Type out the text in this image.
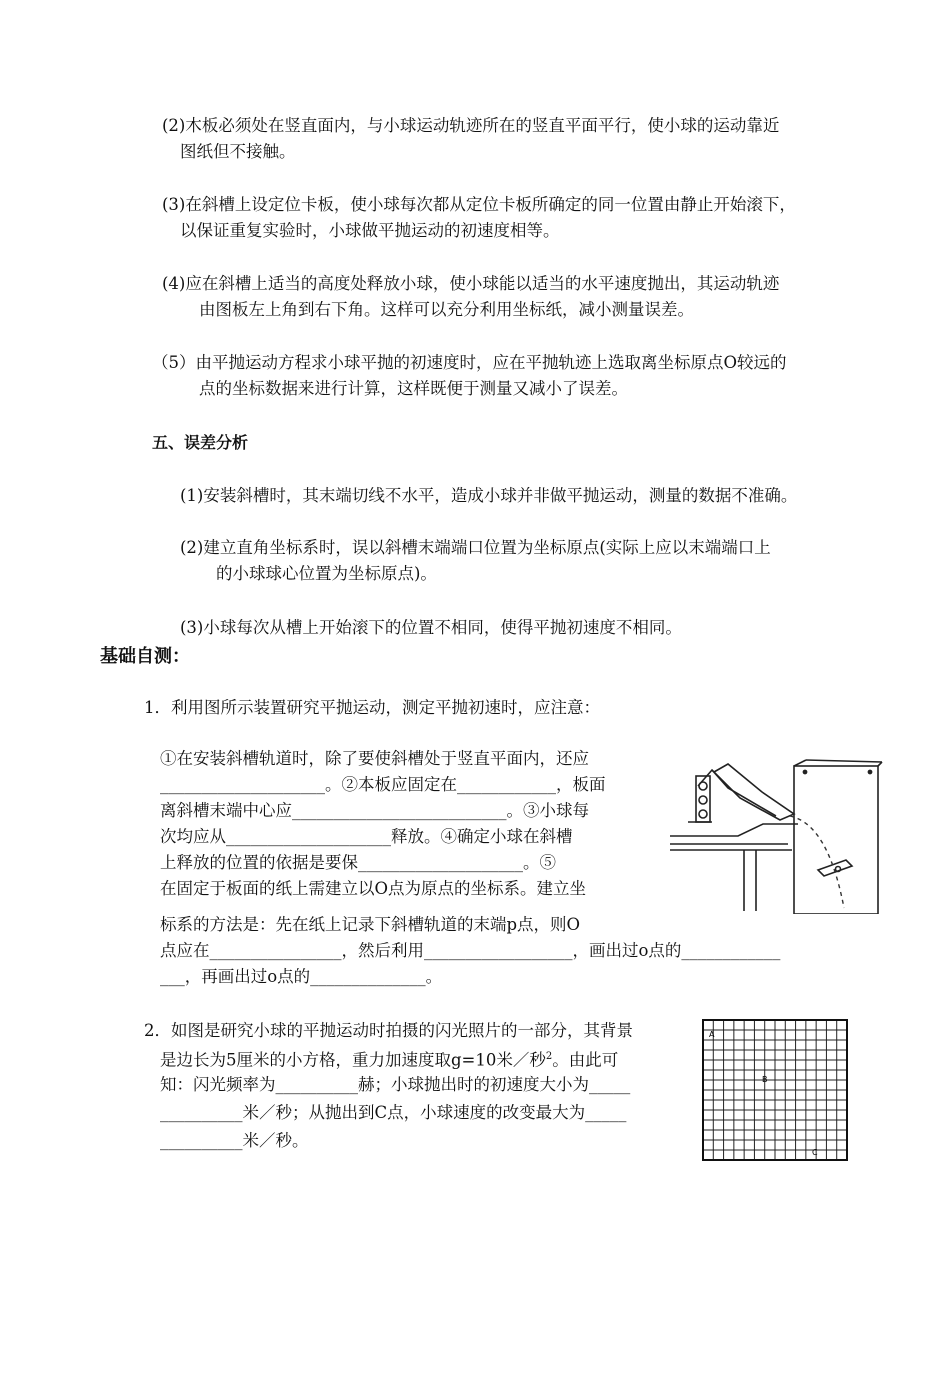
(2)木板必须处在竖直面内，与小球运动轨迹所在的竖直平面平行，使小球的运动靠近
图纸但不接触。
(3)在斜槽上设定位卡板，使小球每次都从定位卡板所确定的同一位置由静止开始滚下，
以保证重复实验时，小球做平抛运动的初速度相等。
(4)应在斜槽上适当的高度处释放小球，使小球能以适当的水平速度抛出，其运动轨迹
由图板左上角到右下角。这样可以充分利用坐标纸，减小测量误差。
（5）由平抛运动方程求小球平抛的初速度时，应在平抛轨迹上选取离坐标原点O较远的
点的坐标数据来进行计算，这样既便于测量又减小了误差。
五、误差分析
(1)安装斜槽时，其末端切线不水平，造成小球并非做平抛运动，测量的数据不准确。
(2)建立直角坐标系时，误以斜槽末端端口位置为坐标原点(实际上应以末端端口上
的小球球心位置为坐标原点)。
(3)小球每次从槽上开始滚下的位置不相同，使得平抛初速度不相同。
基础自测：
1．利用图所示装置研究平抛运动，测定平抛初速时，应注意：
①在安装斜槽轨道时，除了要使斜槽处于竖直平面内，还应
____________________。②本板应固定在____________，板面
离斜槽末端中心应__________________________。③小球每
次均应从____________________释放。④确定小球在斜槽
上释放的位置的依据是要保____________________。⑤
在固定于板面的纸上需建立以O点为原点的坐标系。建立坐
标系的方法是：先在纸上记录下斜槽轨道的末端p点，则O
点应在________________，然后利用__________________，画出过o点的____________
___，再画出过o点的______________。
2．如图是研究小球的平抛运动时拍摄的闪光照片的一部分，其背景
是边长为5厘米的小方格，重力加速度取g=10米／秒$^2$。由此可
知：闪光频率为__________赫；小球抛出时的初速度大小为_____
__________米／秒；从抛出到C点，小球速度的改变最大为_____
__________米／秒。
A
B
C
